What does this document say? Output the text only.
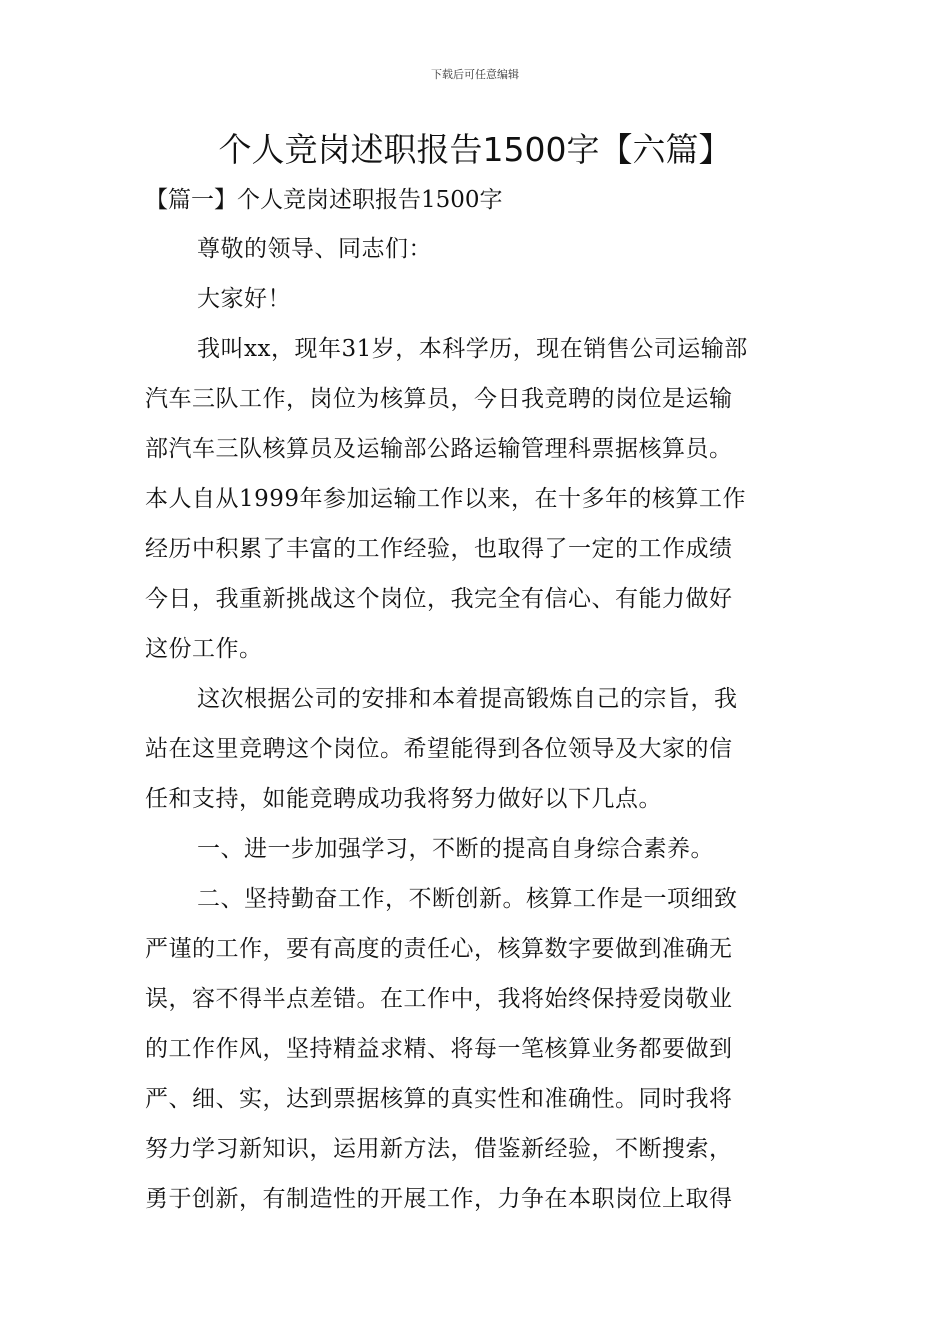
下载后可任意编辑
个人竞岗述职报告1500字【六篇】
【篇一】个人竞岗述职报告1500字
尊敬的领导、同志们：
大家好！
我叫xx，现年31岁，本科学历，现在销售公司运输部
汽车三队工作，岗位为核算员，今日我竞聘的岗位是运输
部汽车三队核算员及运输部公路运输管理科票据核算员。
本人自从1999年参加运输工作以来，在十多年的核算工作
经历中积累了丰富的工作经验，也取得了一定的工作成绩
今日，我重新挑战这个岗位，我完全有信心、有能力做好
这份工作。
这次根据公司的安排和本着提高锻炼自己的宗旨，我
站在这里竞聘这个岗位。希望能得到各位领导及大家的信
任和支持，如能竞聘成功我将努力做好以下几点。
一、进一步加强学习，不断的提高自身综合素养。
二、坚持勤奋工作，不断创新。核算工作是一项细致
严谨的工作，要有高度的责任心，核算数字要做到准确无
误，容不得半点差错。在工作中，我将始终保持爱岗敬业
的工作作风，坚持精益求精、将每一笔核算业务都要做到
严、细、实，达到票据核算的真实性和准确性。同时我将
努力学习新知识，运用新方法，借鉴新经验，不断搜索，
勇于创新，有制造性的开展工作，力争在本职岗位上取得
